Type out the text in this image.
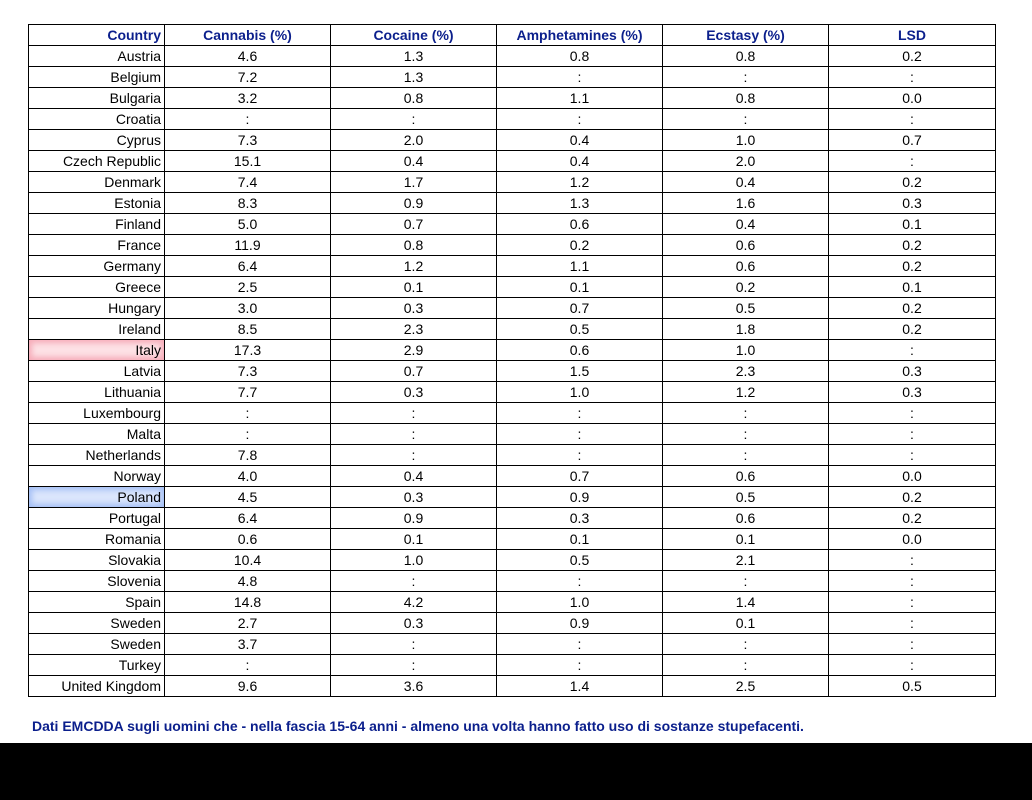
Country	Cannabis (%)	Cocaine (%)	Amphetamines (%)	Ecstasy (%)	LSD
Austria	4.6	1.3	0.8	0.8	0.2
Belgium	7.2	1.3	:	:	:
Bulgaria	3.2	0.8	1.1	0.8	0.0
Croatia	:	:	:	:	:
Cyprus	7.3	2.0	0.4	1.0	0.7
Czech Republic	15.1	0.4	0.4	2.0	:
Denmark	7.4	1.7	1.2	0.4	0.2
Estonia	8.3	0.9	1.3	1.6	0.3
Finland	5.0	0.7	0.6	0.4	0.1
France	11.9	0.8	0.2	0.6	0.2
Germany	6.4	1.2	1.1	0.6	0.2
Greece	2.5	0.1	0.1	0.2	0.1
Hungary	3.0	0.3	0.7	0.5	0.2
Ireland	8.5	2.3	0.5	1.8	0.2
Italy	17.3	2.9	0.6	1.0	:
Latvia	7.3	0.7	1.5	2.3	0.3
Lithuania	7.7	0.3	1.0	1.2	0.3
Luxembourg	:	:	:	:	:
Malta	:	:	:	:	:
Netherlands	7.8	:	:	:	:
Norway	4.0	0.4	0.7	0.6	0.0
Poland	4.5	0.3	0.9	0.5	0.2
Portugal	6.4	0.9	0.3	0.6	0.2
Romania	0.6	0.1	0.1	0.1	0.0
Slovakia	10.4	1.0	0.5	2.1	:
Slovenia	4.8	:	:	:	:
Spain	14.8	4.2	1.0	1.4	:
Sweden	2.7	0.3	0.9	0.1	:
Sweden	3.7	:	:	:	:
Turkey	:	:	:	:	:
United Kingdom	9.6	3.6	1.4	2.5	0.5
Dati EMCDDA sugli uomini che - nella fascia 15-64 anni - almeno una volta hanno fatto uso di sostanze stupefacenti.
